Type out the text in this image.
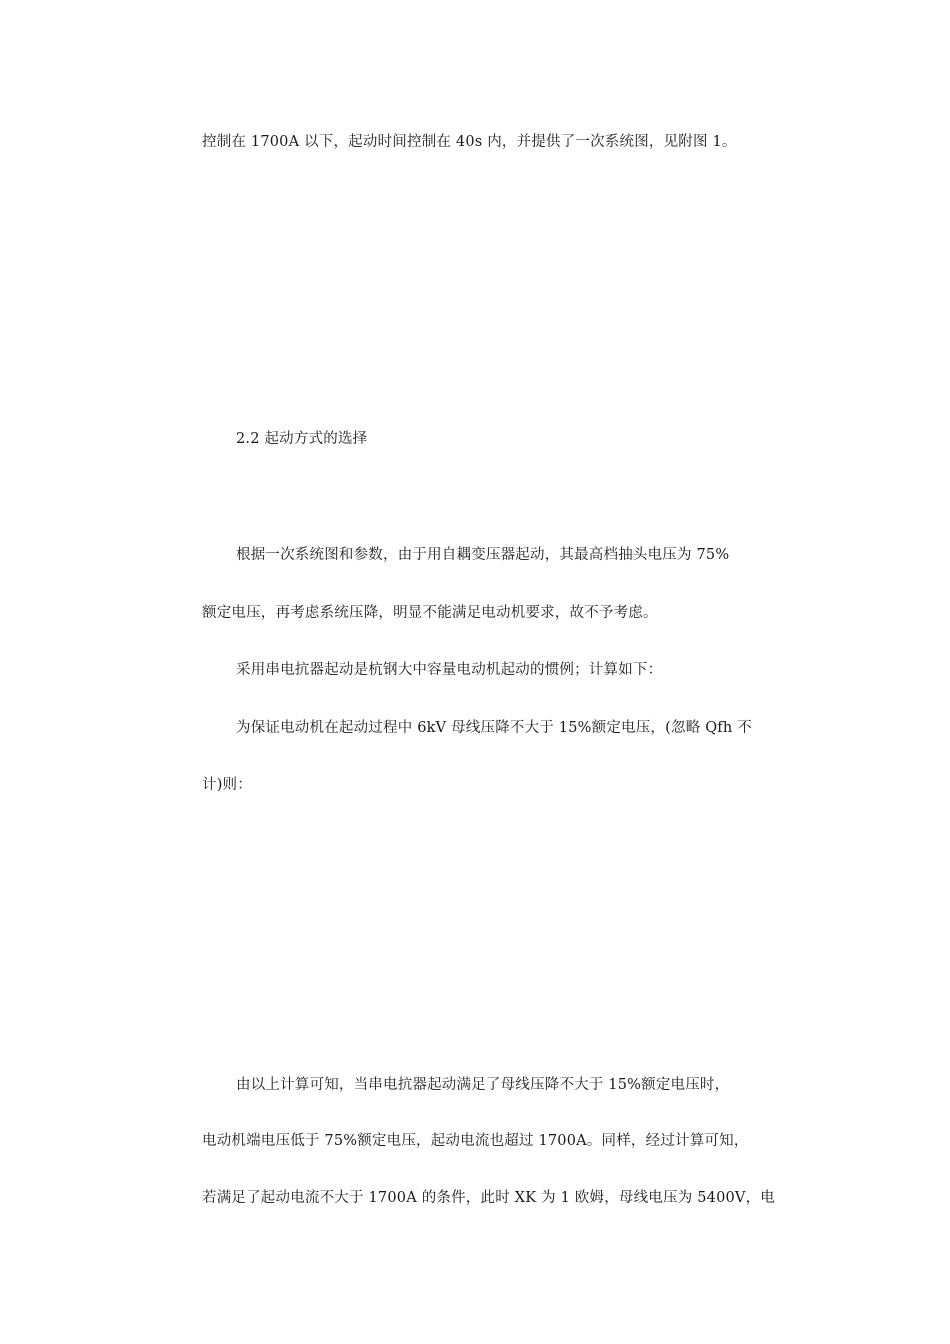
控制在 1700A 以下，起动时间控制在 40s 内，并提供了一次系统图，见附图 1。
2.2 起动方式的选择
根据一次系统图和参数，由于用自耦变压器起动，其最高档抽头电压为 75%
额定电压，再考虑系统压降，明显不能满足电动机要求，故不予考虑。
采用串电抗器起动是杭钢大中容量电动机起动的惯例；计算如下：
为保证电动机在起动过程中 6kV 母线压降不大于 15%额定电压，(忽略 Qfh 不
计)则：
由以上计算可知，当串电抗器起动满足了母线压降不大于 15%额定电压时，
电动机端电压低于 75%额定电压，起动电流也超过 1700A。同样，经过计算可知，
若满足了起动电流不大于 1700A 的条件，此时 XK 为 1 欧姆，母线电压为 5400V，电
